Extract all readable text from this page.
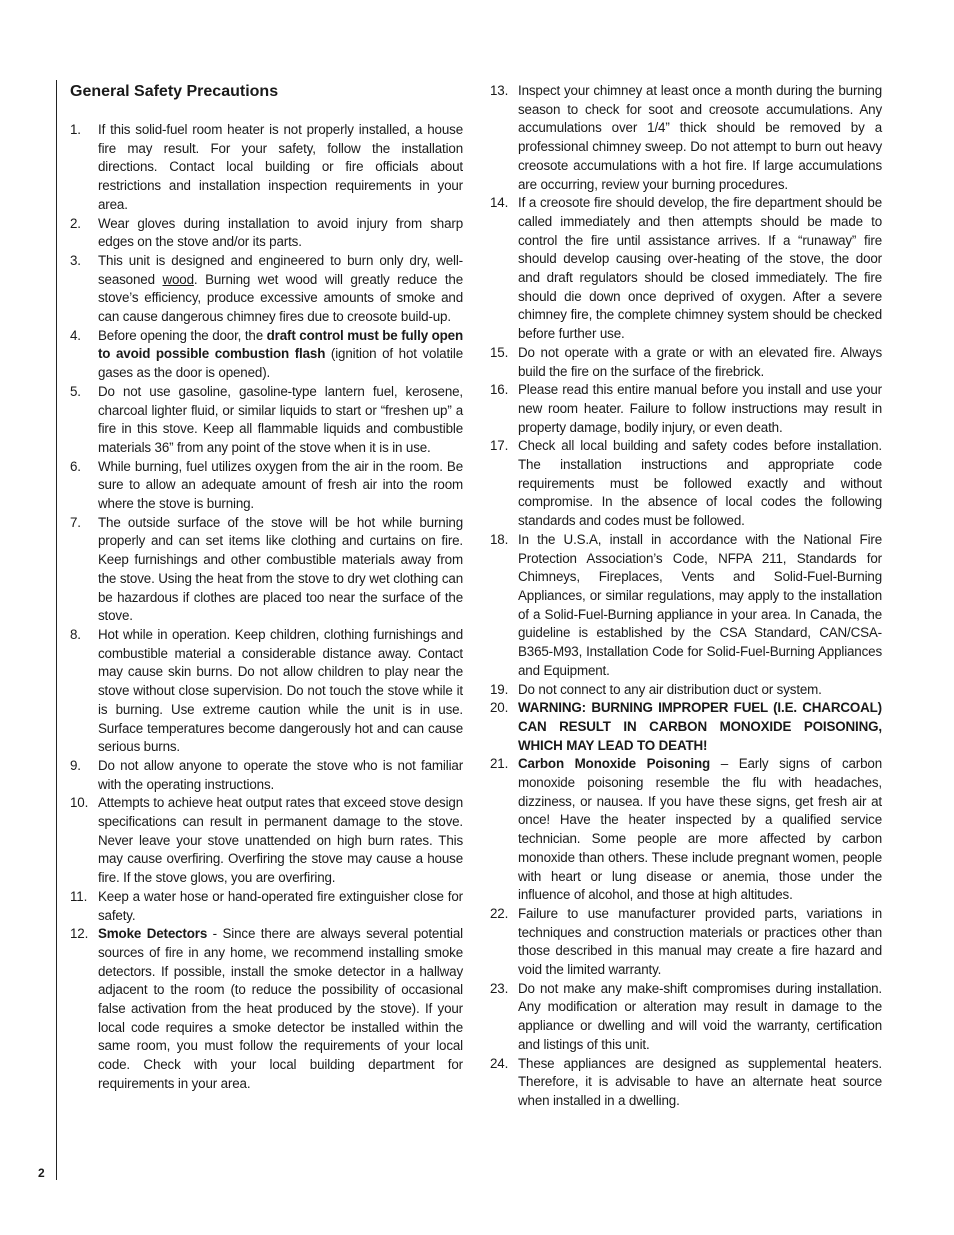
2
General Safety Precautions

1. If this solid-fuel room heater is not properly installed, a house fire may result. For your safety, follow the installation directions. Contact local building or fire officials about restrictions and installation inspection requirements in your area.

2. Wear gloves during installation to avoid injury from sharp edges on the stove and/or its parts.

3. This unit is designed and engineered to burn only dry, well-seasoned wood. Burning wet wood will greatly reduce the stove’s efficiency, produce excessive amounts of smoke and can cause dangerous chimney fires due to creosote build-up.

4. Before opening the door, the draft control must be fully open to avoid possible combustion flash (ignition of hot volatile gases as the door is opened).

5. Do not use gasoline, gasoline-type lantern fuel, kerosene, charcoal lighter fluid, or similar liquids to start or “freshen up” a fire in this stove. Keep all flammable liquids and combustible materials 36” from any point of the stove when it is in use.

6. While burning, fuel utilizes oxygen from the air in the room. Be sure to allow an adequate amount of fresh air into the room where the stove is burning.

7. The outside surface of the stove will be hot while burning properly and can set items like clothing and curtains on fire. Keep furnishings and other combustible materials away from the stove. Using the heat from the stove to dry wet clothing can be hazardous if clothes are placed too near the surface of the stove.

8. Hot while in operation. Keep children, clothing furnishings and combustible material a considerable distance away. Contact may cause skin burns. Do not allow children to play near the stove without close supervision. Do not touch the stove while it is burning. Use extreme caution while the unit is in use. Surface temperatures become dangerously hot and can cause serious burns.

9. Do not allow anyone to operate the stove who is not familiar with the operating instructions.

10. Attempts to achieve heat output rates that exceed stove design specifications can result in permanent damage to the stove. Never leave your stove unattended on high burn rates. This may cause overfiring. Overfiring the stove may cause a house fire. If the stove glows, you are overfiring.

11. Keep a water hose or hand-operated fire extinguisher close for safety.

12. Smoke Detectors - Since there are always several potential sources of fire in any home, we recommend installing smoke detectors. If possible, install the smoke detector in a hallway adjacent to the room (to reduce the possibility of occasional false activation from the heat produced by the stove). If your local code requires a smoke detector be installed within the same room, you must follow the requirements of your local code. Check with your local building department for requirements in your area.

13. Inspect your chimney at least once a month during the burning season to check for soot and creosote accumulations. Any accumulations over 1/4” thick should be removed by a professional chimney sweep. Do not attempt to burn out heavy creosote accumulations with a hot fire. If large accumulations are occurring, review your burning procedures.

14. If a creosote fire should develop, the fire department should be called immediately and then attempts should be made to control the fire until assistance arrives. If a “runaway” fire should develop causing over-heating of the stove, the door and draft regulators should be closed immediately. The fire should die down once deprived of oxygen. After a severe chimney fire, the complete chimney system should be checked before further use.

15. Do not operate with a grate or with an elevated fire. Always build the fire on the surface of the firebrick.

16. Please read this entire manual before you install and use your new room heater. Failure to follow instructions may result in property damage, bodily injury, or even death.

17. Check all local building and safety codes before installation. The installation instructions and appropriate code requirements must be followed exactly and without compromise. In the absence of local codes the following standards and codes must be followed.

18. In the U.S.A, install in accordance with the National Fire Protection Association’s Code, NFPA 211, Standards for Chimneys, Fireplaces, Vents and Solid-Fuel-Burning Appliances, or similar regulations, may apply to the installation of a Solid-Fuel-Burning appliance in your area. In Canada, the guideline is established by the CSA Standard, CAN/CSA-B365-M93, Installation Code for Solid-Fuel-Burning Appliances and Equipment.

19. Do not connect to any air distribution duct or system.

20. WARNING: BURNING IMPROPER FUEL (I.E. CHARCOAL) CAN RESULT IN CARBON MONOXIDE POISONING, WHICH MAY LEAD TO DEATH!

21. Carbon Monoxide Poisoning – Early signs of carbon monoxide poisoning resemble the flu with headaches, dizziness, or nausea. If you have these signs, get fresh air at once! Have the heater inspected by a qualified service technician. Some people are more affected by carbon monoxide than others. These include pregnant women, people with heart or lung disease or anemia, those under the influence of alcohol, and those at high altitudes.

22. Failure to use manufacturer provided parts, variations in techniques and construction materials or practices other than those described in this manual may create a fire hazard and void the limited warranty.

23. Do not make any make-shift compromises during installation. Any modification or alteration may result in damage to the appliance or dwelling and will void the warranty, certification and listings of this unit.

24. These appliances are designed as supplemental heaters. Therefore, it is advisable to have an alternate heat source when installed in a dwelling.
